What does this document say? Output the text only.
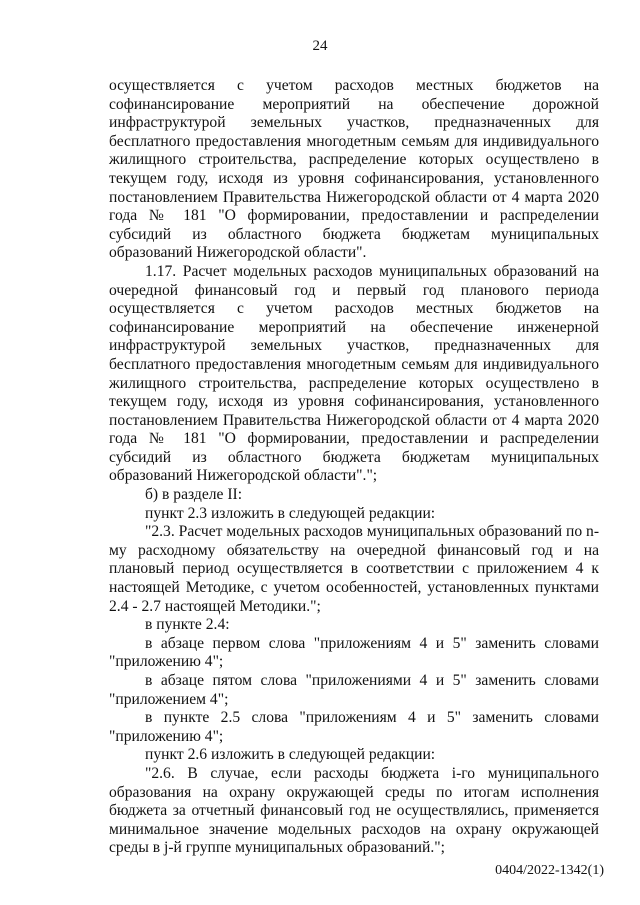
24

осуществляется с учетом расходов местных бюджетов на софинансирование мероприятий на обеспечение дорожной инфраструктурой земельных участков, предназначенных для бесплатного предоставления многодетным семьям для индивидуального жилищного строительства, распределение которых осуществлено в текущем году, исходя из уровня софинансирования, установленного постановлением Правительства Нижегородской области от 4 марта 2020 года № 181 "О формировании, предоставлении и распределении субсидий из областного бюджета бюджетам муниципальных образований Нижегородской области".

1.17. Расчет модельных расходов муниципальных образований на очередной финансовый год и первый год планового периода осуществляется с учетом расходов местных бюджетов на софинансирование мероприятий на обеспечение инженерной инфраструктурой земельных участков, предназначенных для бесплатного предоставления многодетным семьям для индивидуального жилищного строительства, распределение которых осуществлено в текущем году, исходя из уровня софинансирования, установленного постановлением Правительства Нижегородской области от 4 марта 2020 года № 181 "О формировании, предоставлении и распределении субсидий из областного бюджета бюджетам муниципальных образований Нижегородской области".";

б) в разделе II:

пункт 2.3 изложить в следующей редакции:

"2.3. Расчет модельных расходов муниципальных образований по n-му расходному обязательству на очередной финансовый год и на плановый период осуществляется в соответствии с приложением 4 к настоящей Методике, с учетом особенностей, установленных пунктами 2.4 - 2.7 настоящей Методики.";

в пункте 2.4:

в абзаце первом слова "приложениям 4 и 5" заменить словами "приложению 4";

в абзаце пятом слова "приложениями 4 и 5" заменить словами "приложением 4";

в пункте 2.5 слова "приложениям 4 и 5" заменить словами "приложению 4";

пункт 2.6 изложить в следующей редакции:

"2.6. В случае, если расходы бюджета i-го муниципального образования на охрану окружающей среды по итогам исполнения бюджета за отчетный финансовый год не осуществлялись, применяется минимальное значение модельных расходов на охрану окружающей среды в j-й группе муниципальных образований.";

0404/2022-1342(1)
